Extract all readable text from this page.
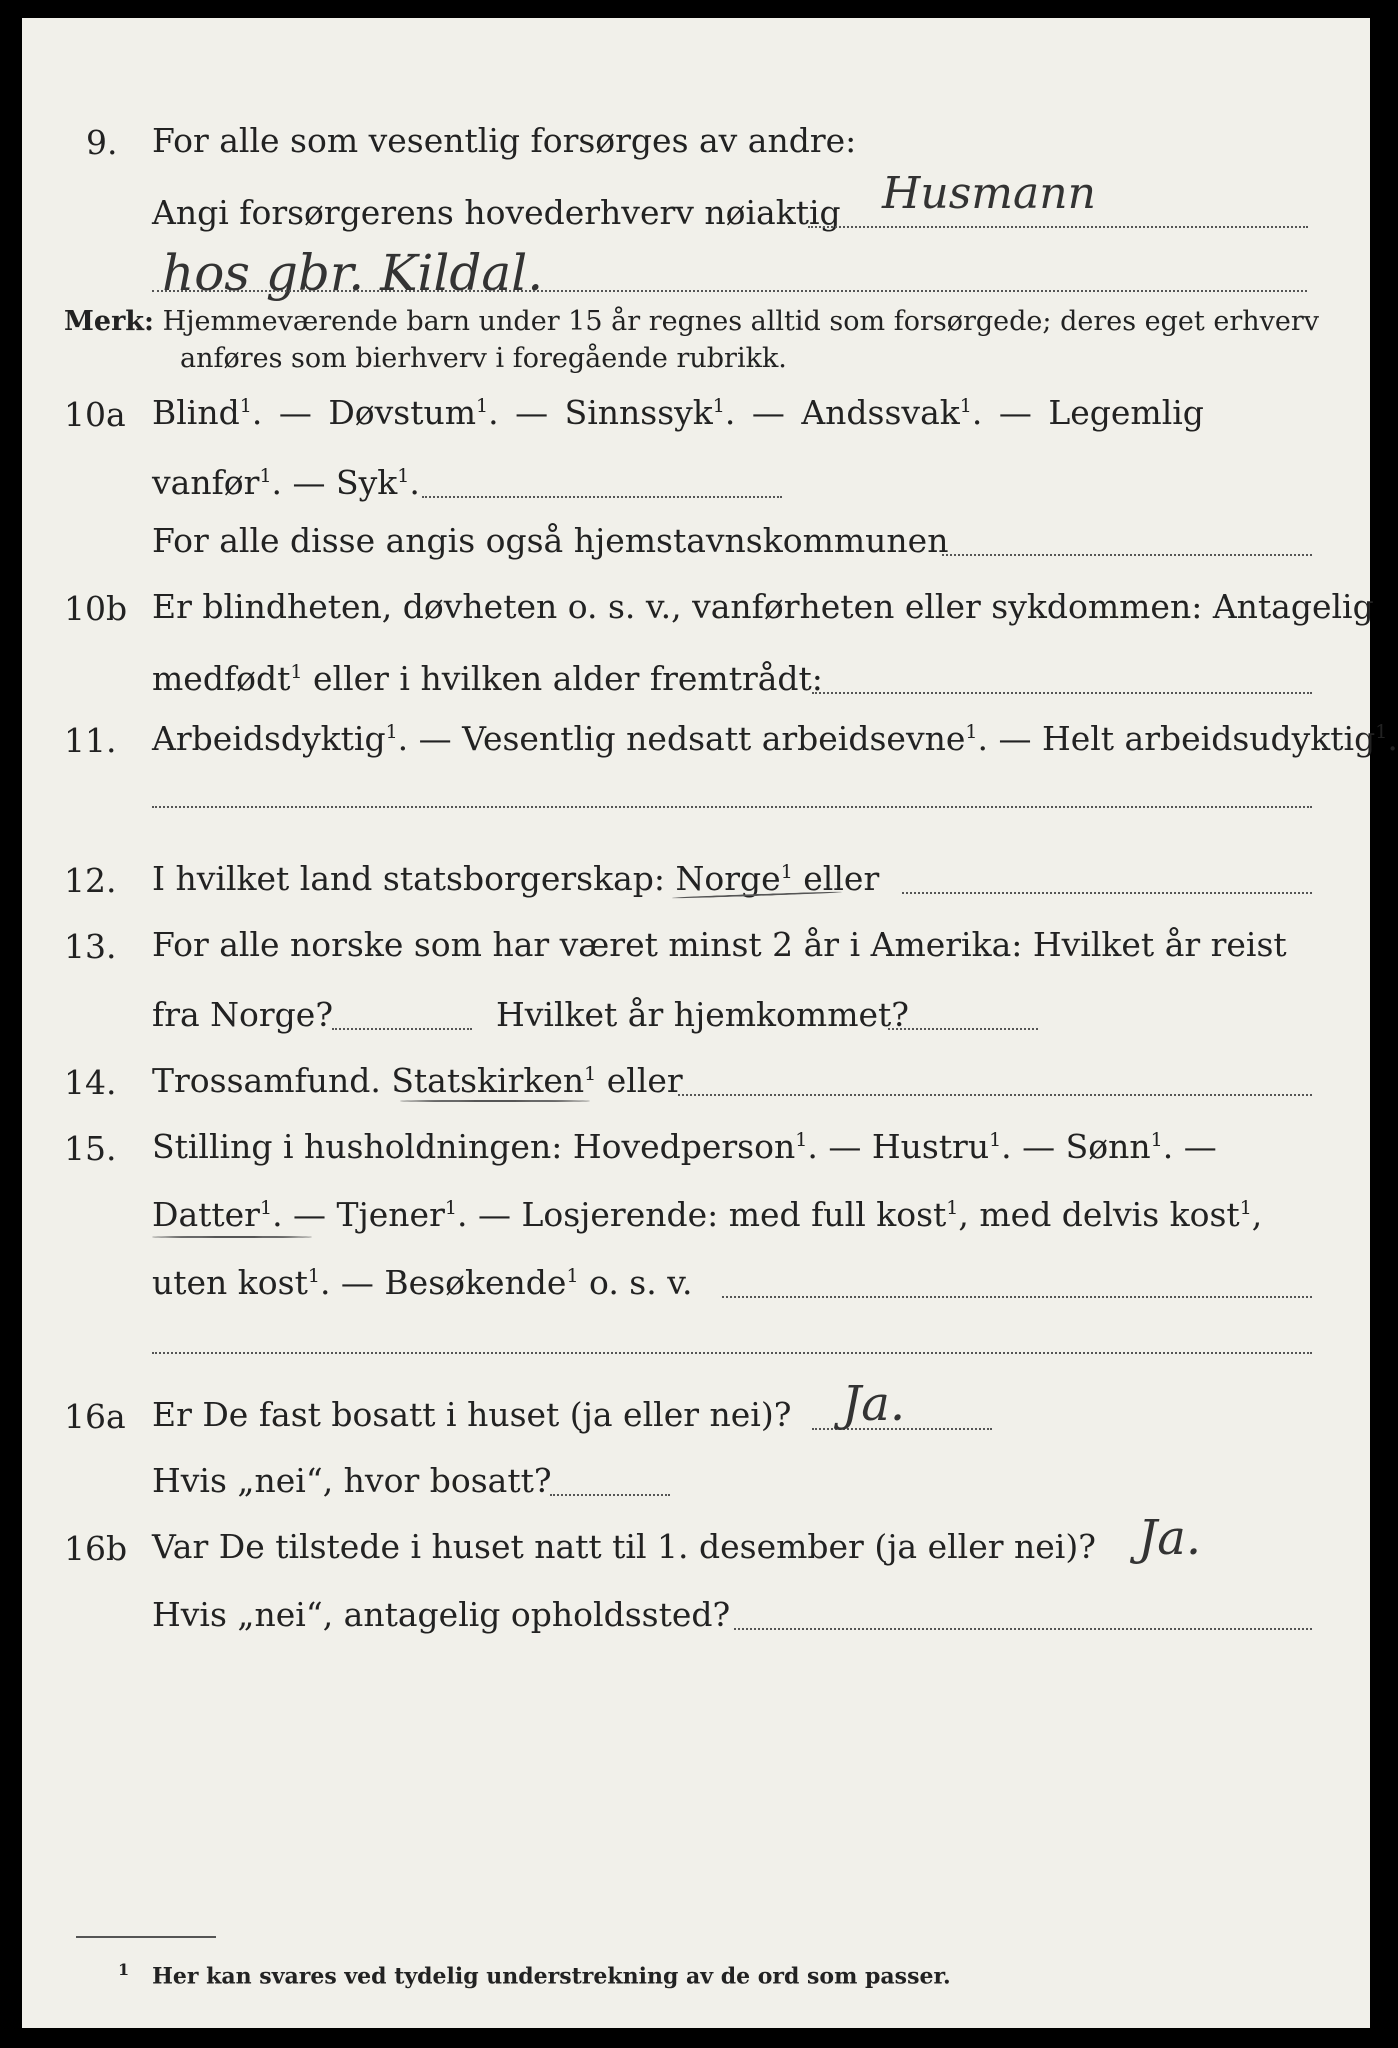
9. For alle som vesentlig forsørges av andre:
Husmann
Angi forsørgerens hovederhverv nøiaktig
hos gbr. Kildal.
Merk: Hjemmeværende barn under 15 år regnes alltid som forsørgede; deres eget erhverv
anføres som bierhverv i foregående rubrikk.
10a Blind$^1$. — Døvstum$^1$. — Sinnssyk$^1$. — Andssvak$^1$. — Legemlig
vanfør$^1$. — Syk$^1$.
For alle disse angis også hjemstavnskommunen
10b Er blindheten, døvheten o. s. v., vanførheten eller sykdommen: Antagelig
medfødt$^1$ eller i hvilken alder fremtrådt:
11. Arbeidsdyktig$^1$. — Vesentlig nedsatt arbeidsevne$^1$. — Helt arbeidsudyktig$^1$.
12. I hvilket land statsborgerskap: Norge$^1$ eller
13. For alle norske som har været minst 2 år i Amerika: Hvilket år reist
fra Norge?	Hvilket år hjemkommet?
14. Trossamfund. Statskirken$^1$ eller
15. Stilling i husholdningen: Hovedperson$^1$. — Hustru$^1$. — Sønn$^1$. —
Datter$^1$. — Tjener$^1$. — Losjerende: med full kost$^1$, med delvis kost$^1$,
uten kost$^1$. — Besøkende$^1$ o. s. v.
16a Er De fast bosatt i huset (ja eller nei)? Ja.
Hvis „nei“, hvor bosatt?
16b Var De tilstede i huset natt til 1. desember (ja eller nei)? Ja.
Hvis „nei“, antagelig opholdssted?
$^1$ Her kan svares ved tydelig understrekning av de ord som passer.
